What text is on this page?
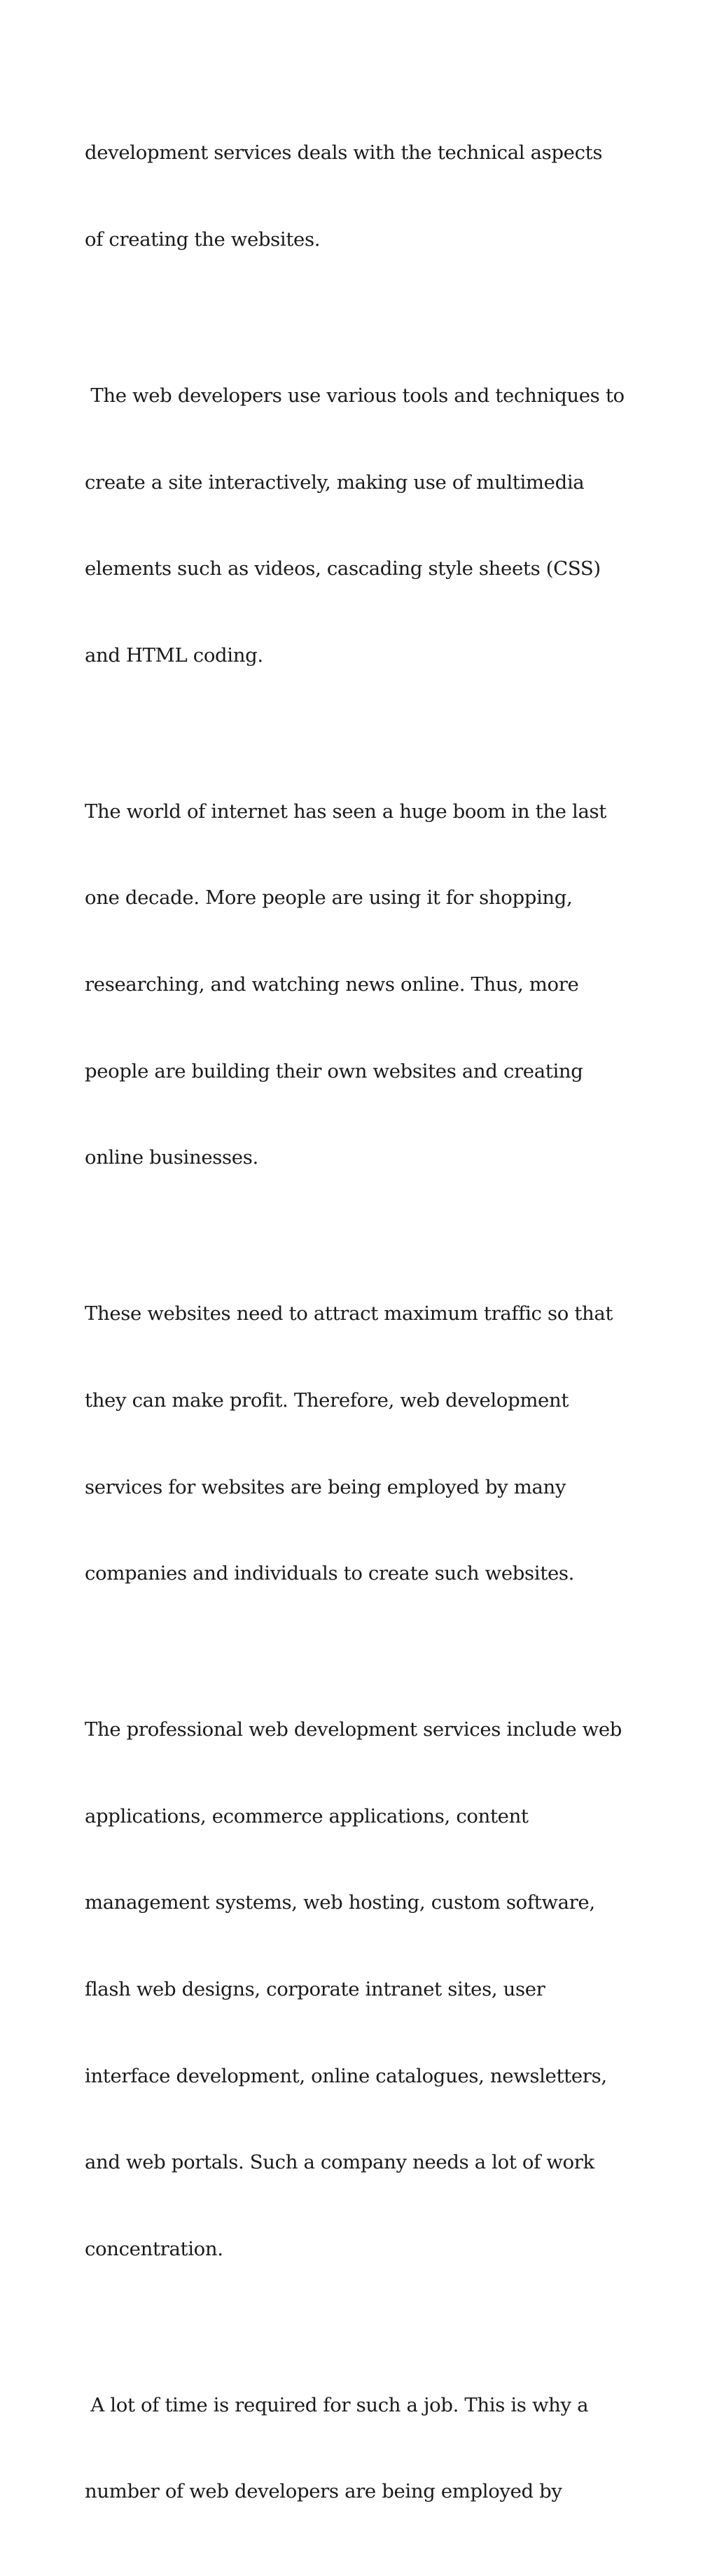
development services deals with the technical aspects

of creating the websites.

The web developers use various tools and techniques to

create a site interactively, making use of multimedia

elements such as videos, cascading style sheets (CSS)

and HTML coding.

The world of internet has seen a huge boom in the last

one decade. More people are using it for shopping,

researching, and watching news online. Thus, more

people are building their own websites and creating

online businesses.

These websites need to attract maximum traffic so that

they can make profit. Therefore, web development

services for websites are being employed by many

companies and individuals to create such websites.

The professional web development services include web

applications, ecommerce applications, content

management systems, web hosting, custom software,

flash web designs, corporate intranet sites, user

interface development, online catalogues, newsletters,

and web portals. Such a company needs a lot of work

concentration.

A lot of time is required for such a job. This is why a

number of web developers are being employed by
